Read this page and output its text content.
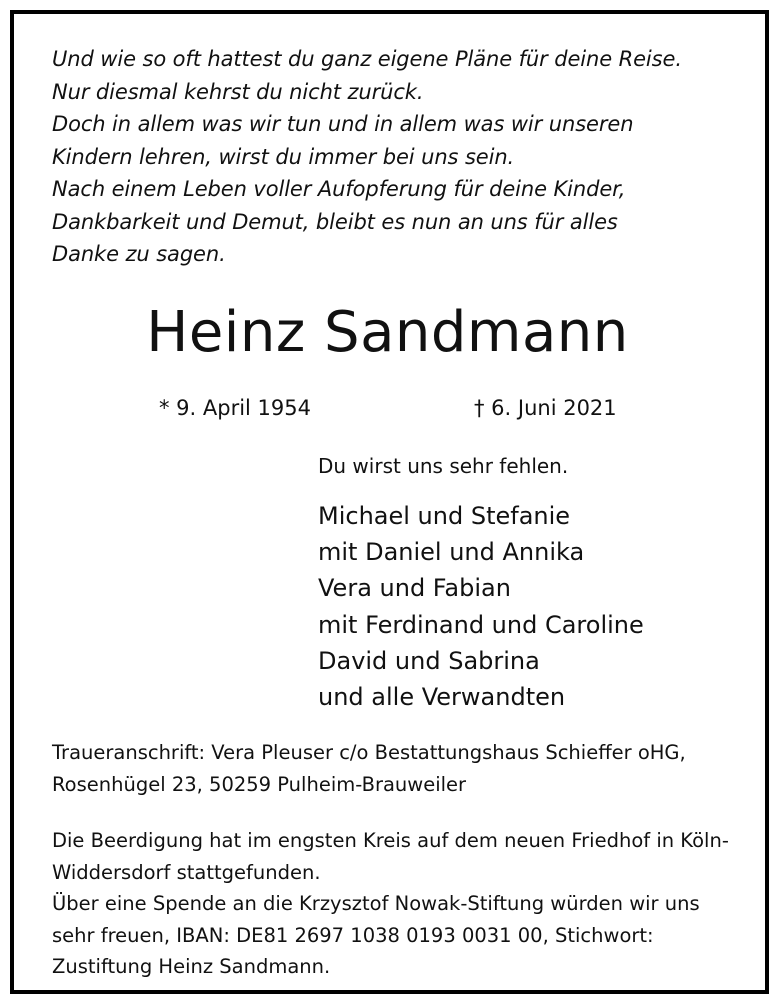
Und wie so oft hattest du ganz eigene Pläne für deine Reise.
Nur diesmal kehrst du nicht zurück.
Doch in allem was wir tun und in allem was wir unseren
Kindern lehren, wirst du immer bei uns sein.
Nach einem Leben voller Aufopferung für deine Kinder,
Dankbarkeit und Demut, bleibt es nun an uns für alles
Danke zu sagen.
Heinz Sandmann
* 9. April 1954	† 6. Juni 2021
Du wirst uns sehr fehlen.
Michael und Stefanie
mit Daniel und Annika
Vera und Fabian
mit Ferdinand und Caroline
David und Sabrina
und alle Verwandten
Traueranschrift: Vera Pleuser c/o Bestattungshaus Schieffer oHG,
Rosenhügel 23, 50259 Pulheim-Brauweiler
Die Beerdigung hat im engsten Kreis auf dem neuen Friedhof in Köln-
Widdersdorf stattgefunden.
Über eine Spende an die Krzysztof Nowak-Stiftung würden wir uns
sehr freuen, IBAN: DE81 2697 1038 0193 0031 00, Stichwort:
Zustiftung Heinz Sandmann.
